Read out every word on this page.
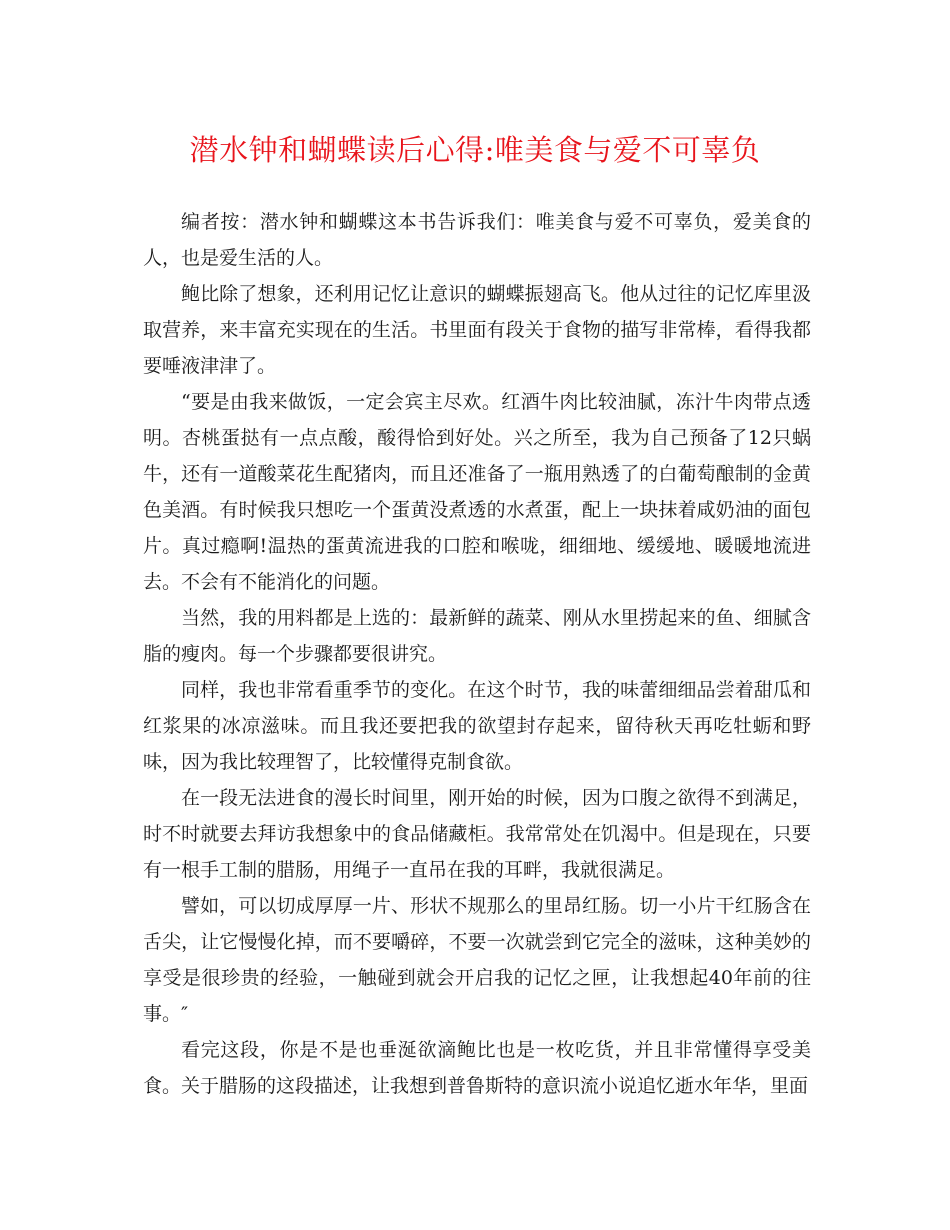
潜水钟和蝴蝶读后心得:唯美食与爱不可辜负

编者按：潜水钟和蝴蝶这本书告诉我们：唯美食与爱不可辜负，爱美食的人，也是爱生活的人。

鲍比除了想象，还利用记忆让意识的蝴蝶振翅高飞。他从过往的记忆库里汲取营养，来丰富充实现在的生活。书里面有段关于食物的描写非常棒，看得我都要唾液津津了。

“要是由我来做饭，一定会宾主尽欢。红酒牛肉比较油腻，冻汁牛肉带点透明。杏桃蛋挞有一点点酸，酸得恰到好处。兴之所至，我为自己预备了12只蜗牛，还有一道酸菜花生配猪肉，而且还准备了一瓶用熟透了的白葡萄酿制的金黄色美酒。有时候我只想吃一个蛋黄没煮透的水煮蛋，配上一块抹着咸奶油的面包片。真过瘾啊!温热的蛋黄流进我的口腔和喉咙，细细地、缓缓地、暖暖地流进去。不会有不能消化的问题。

当然，我的用料都是上选的：最新鲜的蔬菜、刚从水里捞起来的鱼、细腻含脂的瘦肉。每一个步骤都要很讲究。

同样，我也非常看重季节的变化。在这个时节，我的味蕾细细品尝着甜瓜和红浆果的冰凉滋味。而且我还要把我的欲望封存起来，留待秋天再吃牡蛎和野味，因为我比较理智了，比较懂得克制食欲。

在一段无法进食的漫长时间里，刚开始的时候，因为口腹之欲得不到满足，时不时就要去拜访我想象中的食品储藏柜。我常常处在饥渴中。但是现在，只要有一根手工制的腊肠，用绳子一直吊在我的耳畔，我就很满足。

譬如，可以切成厚厚一片、形状不规那么的里昂红肠。切一小片干红肠含在舌尖，让它慢慢化掉，而不要嚼碎，不要一次就尝到它完全的滋味，这种美妙的享受是很珍贵的经验，一触碰到就会开启我的记忆之匣，让我想起40年前的往事。″

看完这段，你是不是也垂涎欲滴鲍比也是一枚吃货，并且非常懂得享受美食。关于腊肠的这段描述，让我想到普鲁斯特的意识流小说追忆逝水年华，里面
